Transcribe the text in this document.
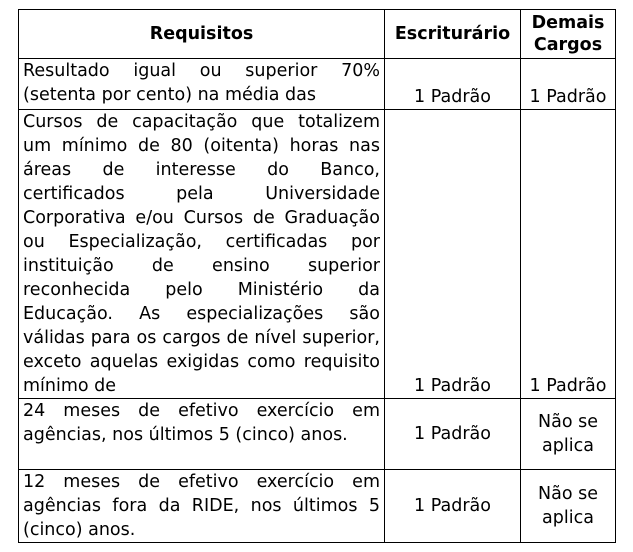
Requisitos	Escriturário	Demais Cargos
Resultado igual ou superior 70% (setenta por cento) na média das	1 Padrão	1 Padrão
Cursos de capacitação que totalizem um mínimo de 80 (oitenta) horas nas áreas de interesse do Banco, certificados pela Universidade Corporativa e/ou Cursos de Graduação ou Especialização, certificadas por instituição de ensino superior reconhecida pelo Ministério da Educação. As especializações são válidas para os cargos de nível superior, exceto aquelas exigidas como requisito mínimo de	1 Padrão	1 Padrão
24 meses de efetivo exercício em agências, nos últimos 5 (cinco) anos.	1 Padrão	Não se aplica
12 meses de efetivo exercício em agências fora da RIDE, nos últimos 5 (cinco) anos.	1 Padrão	Não se aplica
